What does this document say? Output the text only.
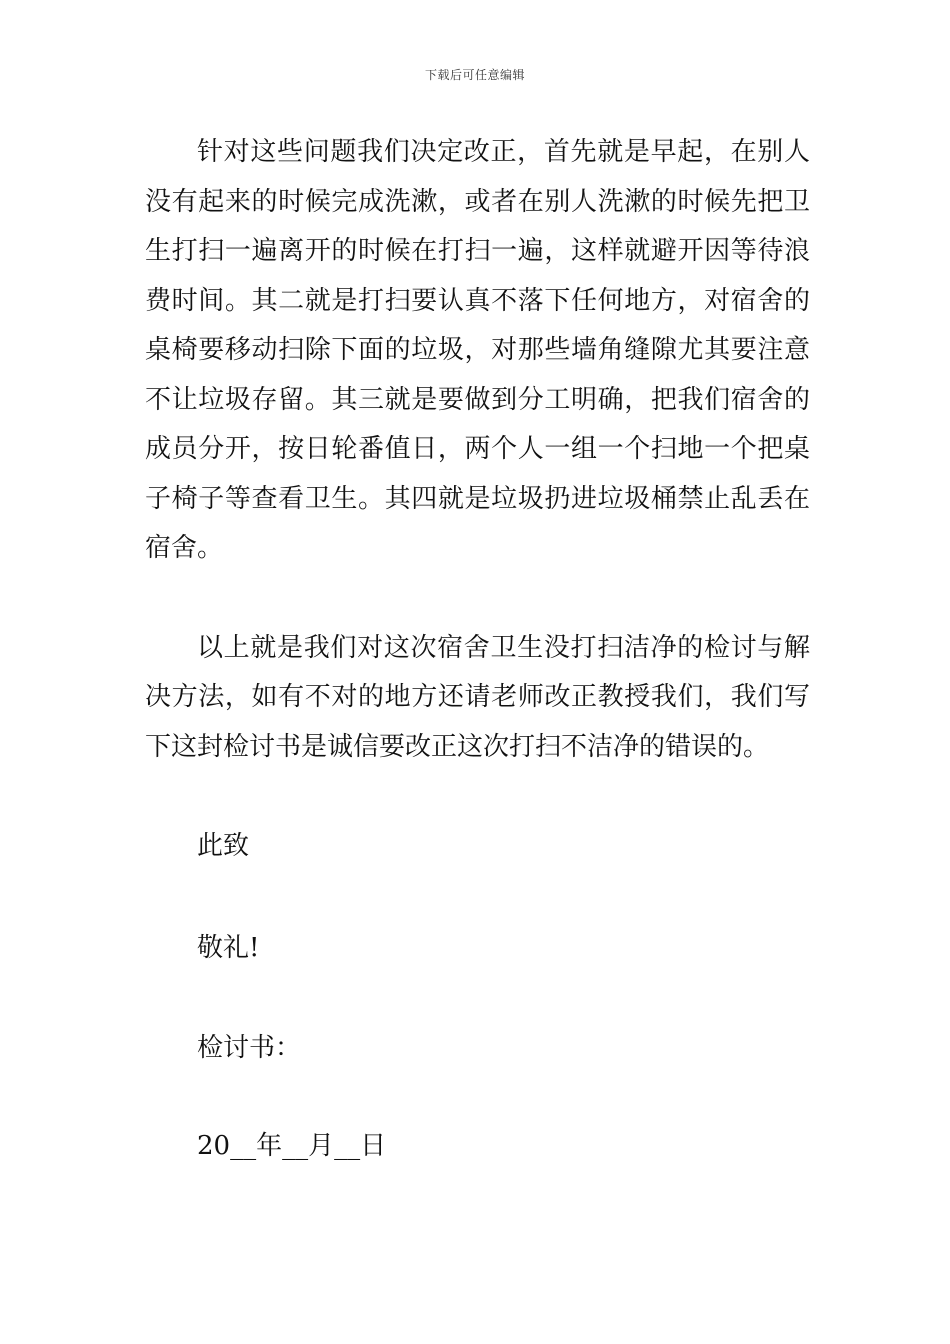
下载后可任意编辑

针对这些问题我们决定改正，首先就是早起，在别人没有起来的时候完成洗漱，或者在别人洗漱的时候先把卫生打扫一遍离开的时候在打扫一遍，这样就避开因等待浪费时间。其二就是打扫要认真不落下任何地方，对宿舍的桌椅要移动扫除下面的垃圾，对那些墙角缝隙尤其要注意不让垃圾存留。其三就是要做到分工明确，把我们宿舍的成员分开，按日轮番值日，两个人一组一个扫地一个把桌子椅子等查看卫生。其四就是垃圾扔进垃圾桶禁止乱丢在宿舍。

以上就是我们对这次宿舍卫生没打扫洁净的检讨与解决方法，如有不对的地方还请老师改正教授我们，我们写下这封检讨书是诚信要改正这次打扫不洁净的错误的。

此致

敬礼!

检讨书：

20__年__月__日
